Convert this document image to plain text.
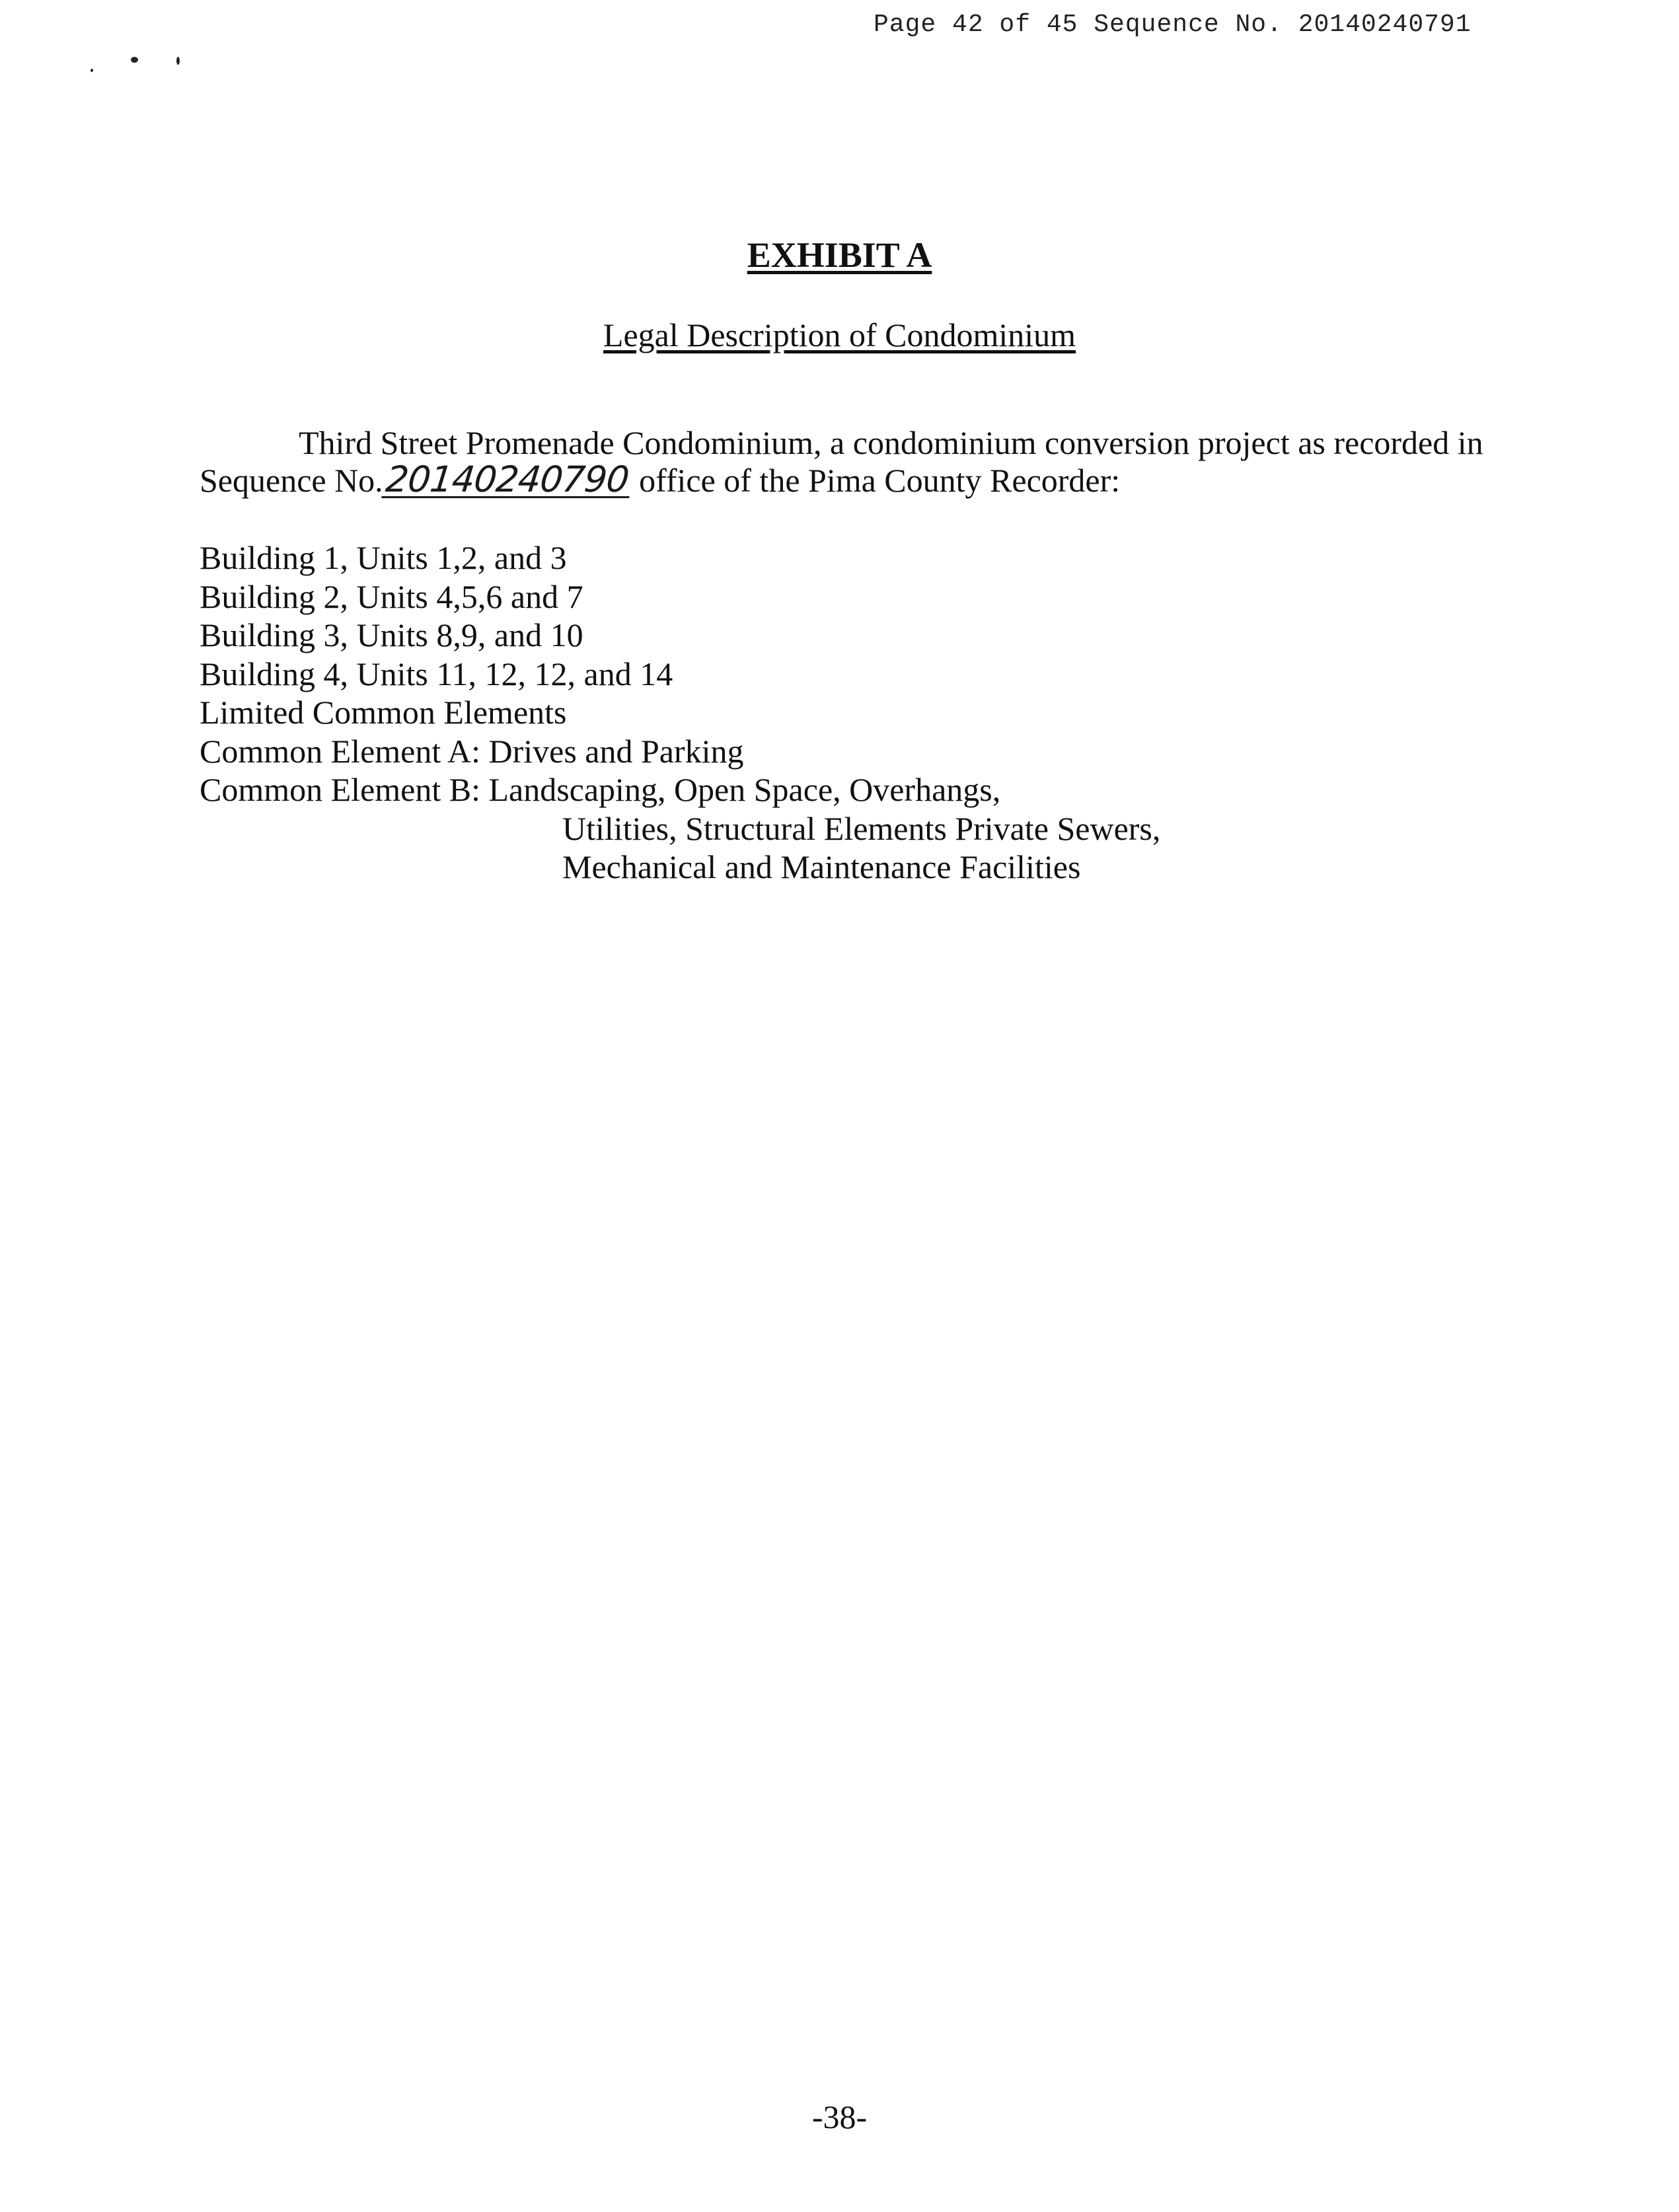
Page 42 of 45 Sequence No. 20140240791
EXHIBIT A
Legal Description of Condominium
Third Street Promenade Condominium, a condominium conversion project as recorded in
Sequence No.20140240790 office of the Pima County Recorder:
Building 1, Units 1,2, and 3
Building 2, Units 4,5,6 and 7
Building 3, Units 8,9, and 10
Building 4, Units 11, 12, 12, and 14
Limited Common Elements
Common Element A: Drives and Parking
Common Element B: Landscaping, Open Space, Overhangs,
Utilities, Structural Elements Private Sewers,
Mechanical and Maintenance Facilities
-38-
